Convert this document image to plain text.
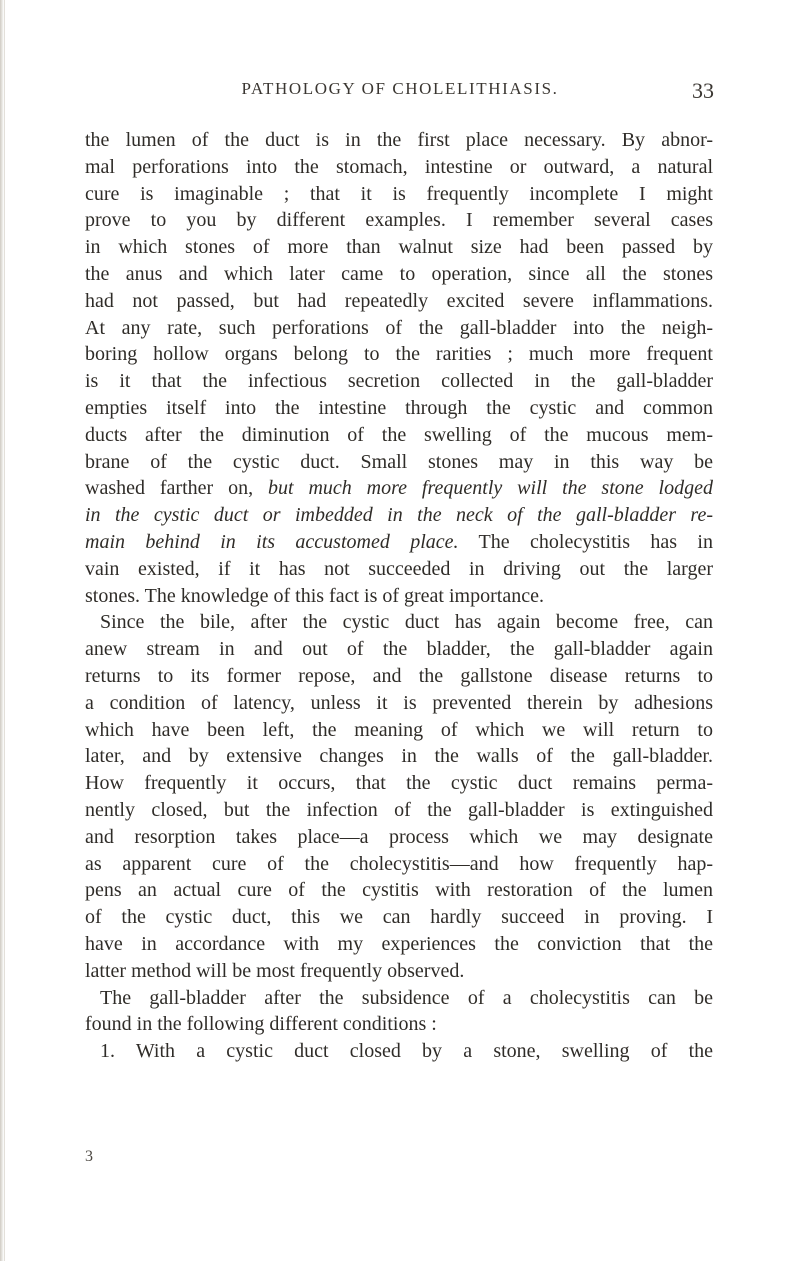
PATHOLOGY OF CHOLELITHIASIS.	33
the lumen of the duct is in the first place necessary. By abnor-
mal perforations into the stomach, intestine or outward, a natural
cure is imaginable ; that it is frequently incomplete I might
prove to you by different examples. I remember several cases
in which stones of more than walnut size had been passed by
the anus and which later came to operation, since all the stones
had not passed, but had repeatedly excited severe inflammations.
At any rate, such perforations of the gall-bladder into the neigh-
boring hollow organs belong to the rarities ; much more frequent
is it that the infectious secretion collected in the gall-bladder
empties itself into the intestine through the cystic and common
ducts after the diminution of the swelling of the mucous mem-
brane of the cystic duct. Small stones may in this way be
washed farther on, but much more frequently will the stone lodged
in the cystic duct or imbedded in the neck of the gall-bladder re-
main behind in its accustomed place. The cholecystitis has in
vain existed, if it has not succeeded in driving out the larger
stones. The knowledge of this fact is of great importance.
Since the bile, after the cystic duct has again become free, can
anew stream in and out of the bladder, the gall-bladder again
returns to its former repose, and the gallstone disease returns to
a condition of latency, unless it is prevented therein by adhesions
which have been left, the meaning of which we will return to
later, and by extensive changes in the walls of the gall-bladder.
How frequently it occurs, that the cystic duct remains perma-
nently closed, but the infection of the gall-bladder is extinguished
and resorption takes place—a process which we may designate
as apparent cure of the cholecystitis—and how frequently hap-
pens an actual cure of the cystitis with restoration of the lumen
of the cystic duct, this we can hardly succeed in proving. I
have in accordance with my experiences the conviction that the
latter method will be most frequently observed.
The gall-bladder after the subsidence of a cholecystitis can be
found in the following different conditions :
1. With a cystic duct closed by a stone, swelling of the
3
